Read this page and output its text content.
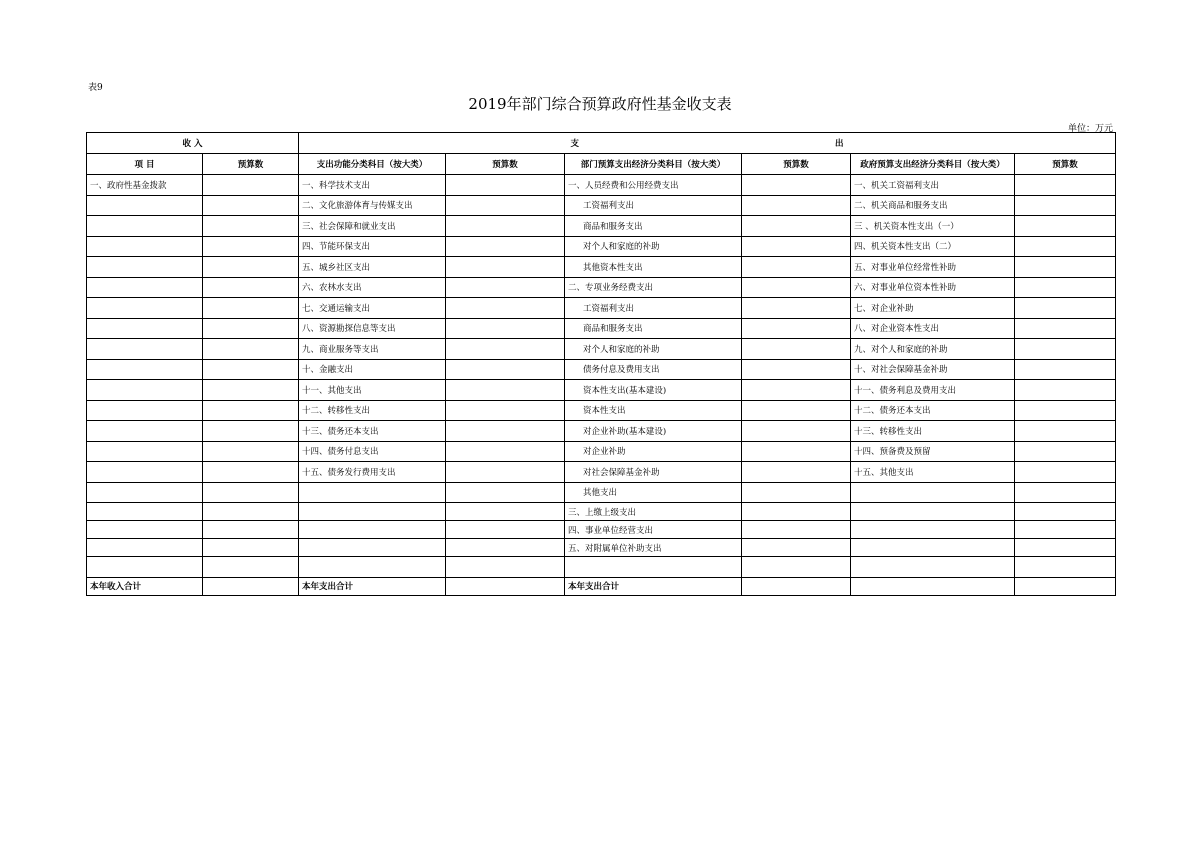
表9
2019年部门综合预算政府性基金收支表
单位：万元
收 入		支 出					
项 目	预算数	支出功能分类科目（按大类）	预算数	部门预算支出经济分类科目（按大类）	预算数	政府预算支出经济分类科目（按大类）	预算数
一、政府性基金拨款		一、科学技术支出		一、人员经费和公用经费支出		一、机关工资福利支出	
		二、文化旅游体育与传媒支出		工资福利支出		二、机关商品和服务支出	
		三、社会保障和就业支出		商品和服务支出		三 、机关资本性支出（一）	
		四、节能环保支出		对个人和家庭的补助		四、机关资本性支出（二）	
		五、城乡社区支出		其他资本性支出		五、对事业单位经常性补助	
		六、农林水支出		二、专项业务经费支出		六、对事业单位资本性补助	
		七、交通运输支出		工资福利支出		七、对企业补助	
		八、资源勘探信息等支出		商品和服务支出		八、对企业资本性支出	
		九、商业服务等支出		对个人和家庭的补助		九、对个人和家庭的补助	
		十、金融支出		债务付息及费用支出		十、对社会保障基金补助	
		十一、其他支出		资本性支出(基本建设)		十一、债务利息及费用支出	
		十二、转移性支出		资本性支出		十二、债务还本支出	
		十三、债务还本支出		对企业补助(基本建设)		十三、转移性支出	
		十四、债务付息支出		对企业补助		十四、预备费及预留	
		十五、债务发行费用支出		对社会保障基金补助		十五、其他支出	
				其他支出			
				三、上缴上级支出			
				四、事业单位经营支出			
				五、对附属单位补助支出			

本年收入合计		本年支出合计		本年支出合计			
